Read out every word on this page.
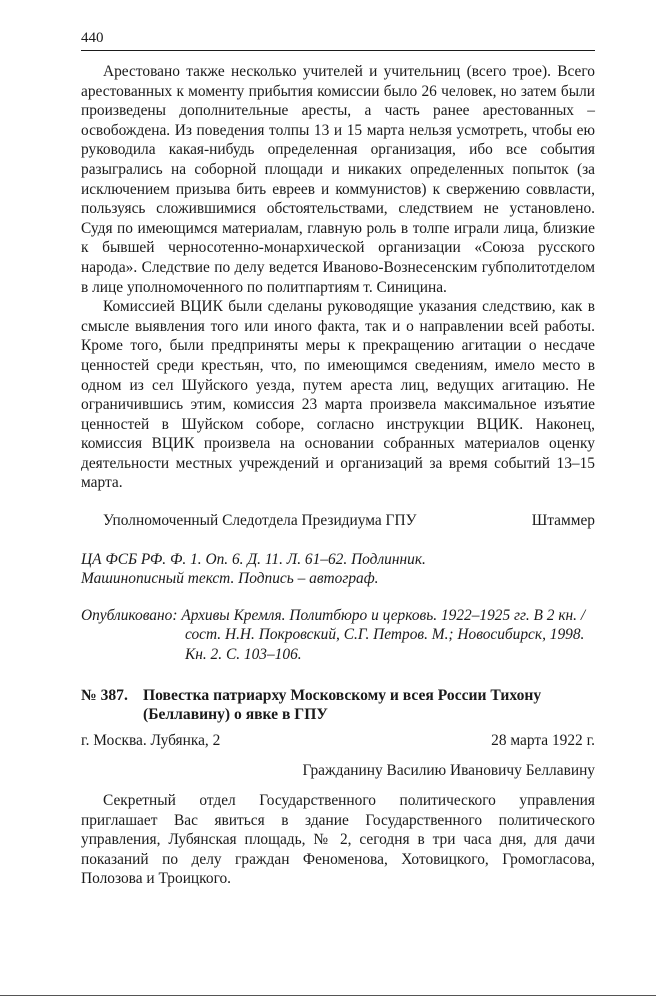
440

Арестовано также несколько учителей и учительниц (всего трое). Всего арестованных к моменту прибытия комиссии было 26 человек, но затем были произведены дополнительные аресты, а часть ранее арестованных – освобождена. Из поведения толпы 13 и 15 марта нельзя усмотреть, чтобы ею руководила какая-нибудь определенная организация, ибо все события разыгрались на соборной площади и никаких определенных попыток (за исключением призыва бить евреев и коммунистов) к свержению соввласти, пользуясь сложившимися обстоятельствами, следствием не установлено. Судя по имеющимся материалам, главную роль в толпе играли лица, близкие к бывшей черносотенно-монархической организации «Союза русского народа». Следствие по делу ведется Иваново-Вознесенским губполитотделом в лице уполномоченного по политпартиям т. Синицина.

Комиссией ВЦИК были сделаны руководящие указания следствию, как в смысле выявления того или иного факта, так и о направлении всей работы. Кроме того, были предприняты меры к прекращению агитации о несдаче ценностей среди крестьян, что, по имеющимся сведениям, имело место в одном из сел Шуйского уезда, путем ареста лиц, ведущих агитацию. Не ограничившись этим, комиссия 23 марта произвела максимальное изъятие ценностей в Шуйском соборе, согласно инструкции ВЦИК. Наконец, комиссия ВЦИК произвела на основании собранных материалов оценку деятельности местных учреждений и организаций за время событий 13–15 марта.

Уполномоченный Следотдела Президиума ГПУ	Штаммер
ЦА ФСБ РФ. Ф. 1. Оп. 6. Д. 11. Л. 61–62. Подлинник.
Машинописный текст. Подпись – автограф.
Опубликовано: Архивы Кремля. Политбюро и церковь. 1922–1925 гг. В 2 кн. / сост. Н.Н. Покровский, С.Г. Петров. М.; Новосибирск, 1998. Кн. 2. С. 103–106.
№ 387. Повестка патриарху Московскому и всея России Тихону (Беллавину) о явке в ГПУ
г. Москва. Лубянка, 2	28 марта 1922 г.
Гражданину Василию Ивановичу Беллавину

Секретный отдел Государственного политического управления приглашает Вас явиться в здание Государственного политического управления, Лубянская площадь, № 2, сегодня в три часа дня, для дачи показаний по делу граждан Феноменова, Хотовицкого, Громогласова, Полозова и Троицкого.
